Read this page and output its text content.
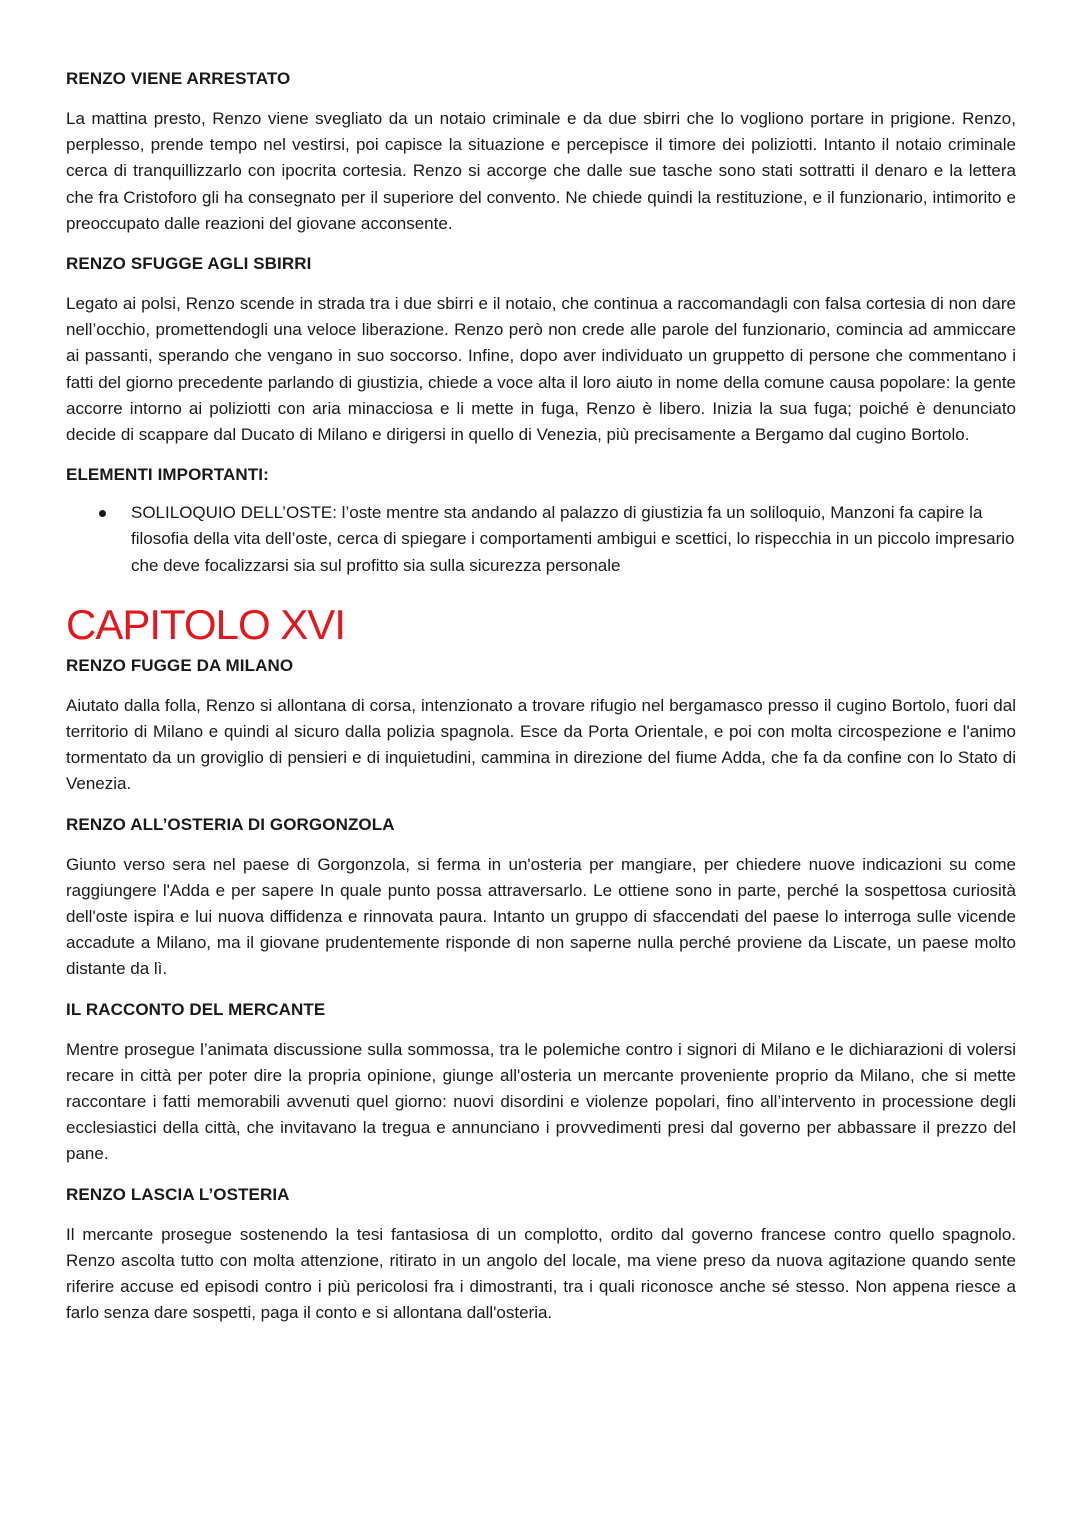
RENZO VIENE ARRESTATO

La mattina presto, Renzo viene svegliato da un notaio criminale e da due sbirri che lo vogliono portare in prigione. Renzo, perplesso, prende tempo nel vestirsi, poi capisce la situazione e percepisce il timore dei poliziotti. Intanto il notaio criminale cerca di tranquillizzarlo con ipocrita cortesia. Renzo si accorge che dalle sue tasche sono stati sottratti il denaro e la lettera che fra Cristoforo gli ha consegnato per il superiore del convento. Ne chiede quindi la restituzione, e il funzionario, intimorito e preoccupato dalle reazioni del giovane acconsente.

RENZO SFUGGE AGLI SBIRRI

Legato ai polsi, Renzo scende in strada tra i due sbirri e il notaio, che continua a raccomandagli con falsa cortesia di non dare nell’occhio, promettendogli una veloce liberazione. Renzo però non crede alle parole del funzionario, comincia ad ammiccare ai passanti, sperando che vengano in suo soccorso. Infine, dopo aver individuato un gruppetto di persone che commentano i fatti del giorno precedente parlando di giustizia, chiede a voce alta il loro aiuto in nome della comune causa popolare: la gente accorre intorno ai poliziotti con aria minacciosa e li mette in fuga, Renzo è libero. Inizia la sua fuga; poiché è denunciato decide di scappare dal Ducato di Milano e dirigersi in quello di Venezia, più precisamente a Bergamo dal cugino Bortolo.

ELEMENTI IMPORTANTI:
SOLILOQUIO DELL’OSTE: l’oste mentre sta andando al palazzo di giustizia fa un soliloquio, Manzoni fa capire la filosofia della vita dell’oste, cerca di spiegare i comportamenti ambigui e scettici, lo rispecchia in un piccolo impresario che deve focalizzarsi sia sul profitto sia sulla sicurezza personale
CAPITOLO XVI
RENZO FUGGE DA MILANO

Aiutato dalla folla, Renzo si allontana di corsa, intenzionato a trovare rifugio nel bergamasco presso il cugino Bortolo, fuori dal territorio di Milano e quindi al sicuro dalla polizia spagnola. Esce da Porta Orientale, e poi con molta circospezione e l'animo tormentato da un groviglio di pensieri e di inquietudini, cammina in direzione del fiume Adda, che fa da confine con lo Stato di Venezia.

RENZO ALL’OSTERIA DI GORGONZOLA

Giunto verso sera nel paese di Gorgonzola, si ferma in un'osteria per mangiare, per chiedere nuove indicazioni su come raggiungere l'Adda e per sapere In quale punto possa attraversarlo. Le ottiene sono in parte, perché la sospettosa curiosità dell'oste ispira e lui nuova diffidenza e rinnovata paura. Intanto un gruppo di sfaccendati del paese lo interroga sulle vicende accadute a Milano, ma il giovane prudentemente risponde di non saperne nulla perché proviene da Liscate, un paese molto distante da lì.

IL RACCONTO DEL MERCANTE

Mentre prosegue l’animata discussione sulla sommossa, tra le polemiche contro i signori di Milano e le dichiarazioni di volersi recare in città per poter dire la propria opinione, giunge all'osteria un mercante proveniente proprio da Milano, che si mette raccontare i fatti memorabili avvenuti quel giorno: nuovi disordini e violenze popolari, fino all’intervento in processione degli ecclesiastici della città, che invitavano la tregua e annunciano i provvedimenti presi dal governo per abbassare il prezzo del pane.

RENZO LASCIA L’OSTERIA

Il mercante prosegue sostenendo la tesi fantasiosa di un complotto, ordito dal governo francese contro quello spagnolo. Renzo ascolta tutto con molta attenzione, ritirato in un angolo del locale, ma viene preso da nuova agitazione quando sente riferire accuse ed episodi contro i più pericolosi fra i dimostranti, tra i quali riconosce anche sé stesso. Non appena riesce a farlo senza dare sospetti, paga il conto e si allontana dall'osteria.
